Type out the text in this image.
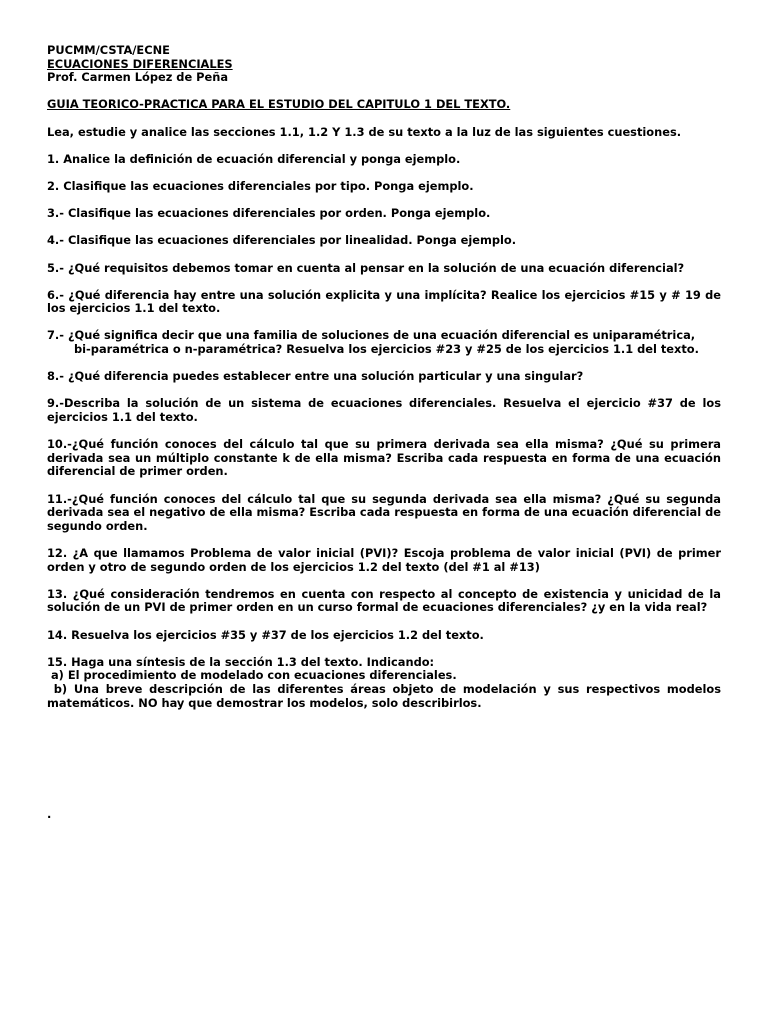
PUCMM/CSTA/ECNE
ECUACIONES DIFERENCIALES
Prof. Carmen López de Peña
GUIA TEORICO-PRACTICA PARA EL ESTUDIO DEL CAPITULO 1 DEL TEXTO.

Lea, estudie y analice las secciones 1.1, 1.2 Y 1.3 de su texto a la luz de las siguientes cuestiones.

1. Analice la definición de ecuación diferencial y ponga ejemplo.

2. Clasifique las ecuaciones diferenciales por tipo. Ponga ejemplo.

3.- Clasifique las ecuaciones diferenciales por orden. Ponga ejemplo.

4.- Clasifique las ecuaciones diferenciales por linealidad. Ponga ejemplo.

5.- ¿Qué requisitos debemos tomar en cuenta al pensar en la solución de una ecuación diferencial?

6.- ¿Qué diferencia hay entre una solución explicita y una implícita? Realice los ejercicios #15 y # 19 de los ejercicios 1.1 del texto.

7.- ¿Qué significa decir que una familia de soluciones de una ecuación diferencial es uniparamétrica,
bi-paramétrica o n-paramétrica? Resuelva los ejercicios #23 y #25 de los ejercicios 1.1 del texto.

8.- ¿Qué diferencia puedes establecer entre una solución particular y una singular?

9.-Describa la solución de un sistema de ecuaciones diferenciales. Resuelva el ejercicio #37 de los ejercicios 1.1 del texto.

10.-¿Qué función conoces del cálculo tal que su primera derivada sea ella misma? ¿Qué su primera derivada sea un múltiplo constante k de ella misma? Escriba cada respuesta en forma de una ecuación diferencial de primer orden.

11.-¿Qué función conoces del cálculo tal que su segunda derivada sea ella misma? ¿Qué su segunda derivada sea el negativo de ella misma? Escriba cada respuesta en forma de una ecuación diferencial de segundo orden.

12. ¿A que llamamos Problema de valor inicial (PVI)? Escoja problema de valor inicial (PVI) de primer orden y otro de segundo orden de los ejercicios 1.2 del texto (del #1 al #13)

13. ¿Qué consideración tendremos en cuenta con respecto al concepto de existencia y unicidad de la solución de un PVI de primer orden en un curso formal de ecuaciones diferenciales? ¿y en la vida real?

14. Resuelva los ejercicios #35 y #37 de los ejercicios 1.2 del texto.

15. Haga una síntesis de la sección 1.3 del texto. Indicando:

a) El procedimiento de modelado con ecuaciones diferenciales.

b) Una breve descripción de las diferentes áreas objeto de modelación y sus respectivos modelos matemáticos. NO hay que demostrar los modelos, solo describirlos.

.
